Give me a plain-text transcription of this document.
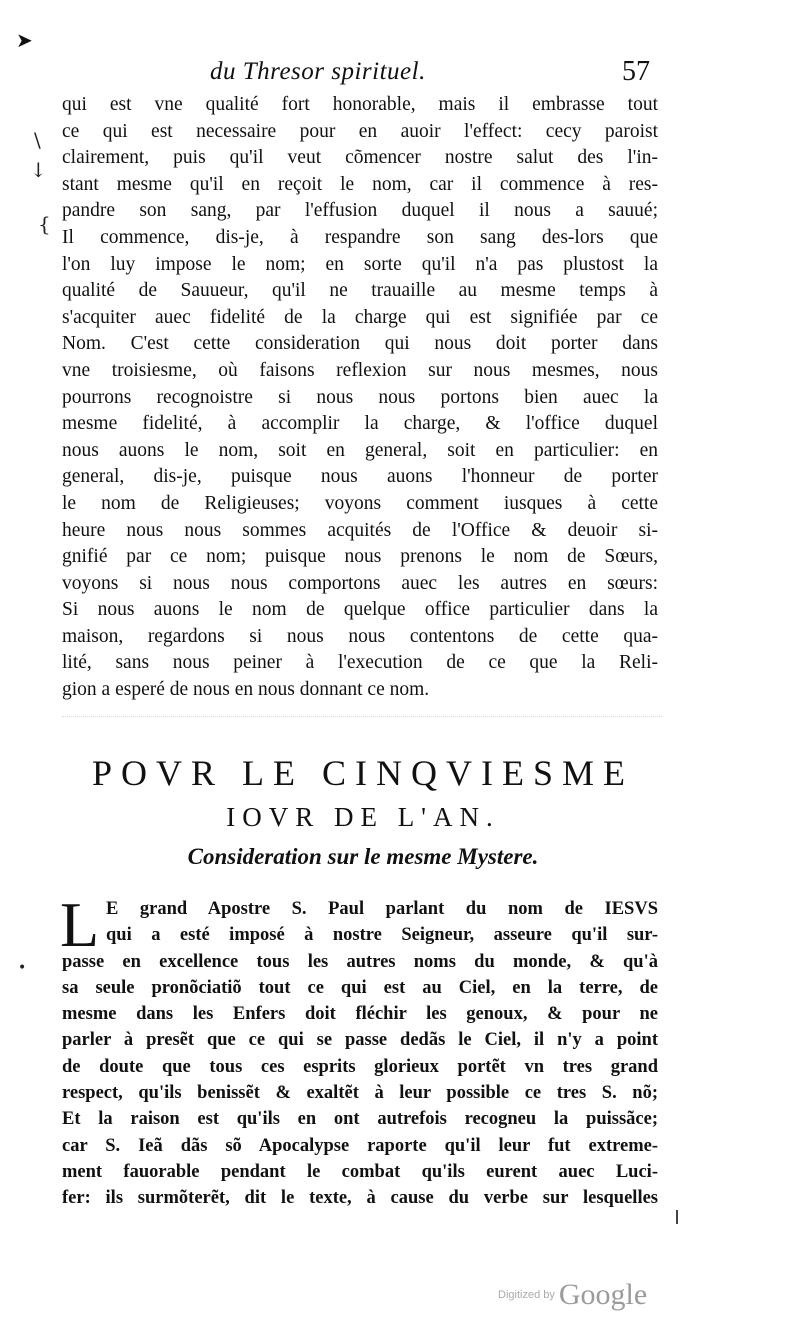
➤
\
↓
{
•
du Thresor spirituel.	57
qui est vne qualité fort honorable, mais il embrasse tout
ce qui est necessaire pour en auoir l'effect: cecy paroist
clairement, puis qu'il veut cõmencer nostre salut des l'in-
stant mesme qu'il en reçoit le nom, car il commence à res-
pandre son sang, par l'effusion duquel il nous a sauué;
Il commence, dis-je, à respandre son sang des-lors que
l'on luy impose le nom; en sorte qu'il n'a pas plustost la
qualité de Sauueur, qu'il ne trauaille au mesme temps à
s'acquiter auec fidelité de la charge qui est signifiée par ce
Nom. C'est cette consideration qui nous doit porter dans
vne troisiesme, où faisons reflexion sur nous mesmes, nous
pourrons recognoistre si nous nous portons bien auec la
mesme fidelité, à accomplir la charge, & l'office duquel
nous auons le nom, soit en general, soit en particulier: en
general, dis-je, puisque nous auons l'honneur de porter
le nom de Religieuses; voyons comment iusques à cette
heure nous nous sommes acquités de l'Office & deuoir si-
gnifié par ce nom; puisque nous prenons le nom de Sœurs,
voyons si nous nous comportons auec les autres en sœurs:
Si nous auons le nom de quelque office particulier dans la
maison, regardons si nous nous contentons de cette qua-
lité, sans nous peiner à l'execution de ce que la Reli-
gion a esperé de nous en nous donnant ce nom.
POVR LE CINQVIESME
IOVR DE L'AN.
Consideration sur le mesme Mystere.
L E grand Apostre S. Paul parlant du nom de IESVS
qui a esté imposé à nostre Seigneur, asseure qu'il sur-
passe en excellence tous les autres noms du monde, & qu'à
sa seule pronõciatiõ tout ce qui est au Ciel, en la terre, de
mesme dans les Enfers doit fléchir les genoux, & pour ne
parler à presẽt que ce qui se passe dedãs le Ciel, il n'y a point
de doute que tous ces esprits glorieux portẽt vn tres grand
respect, qu'ils benissẽt & exaltẽt à leur possible ce tres S. nõ;
Et la raison est qu'ils en ont autrefois recogneu la puissãce;
car S. Ieã dãs sõ Apocalypse raporte qu'il leur fut extreme-
ment fauorable pendant le combat qu'ils eurent auec Luci-
fer: ils surmõterẽt, dit le texte, à cause du verbe sur lesquelles
$^{Digitized by}$ Google
